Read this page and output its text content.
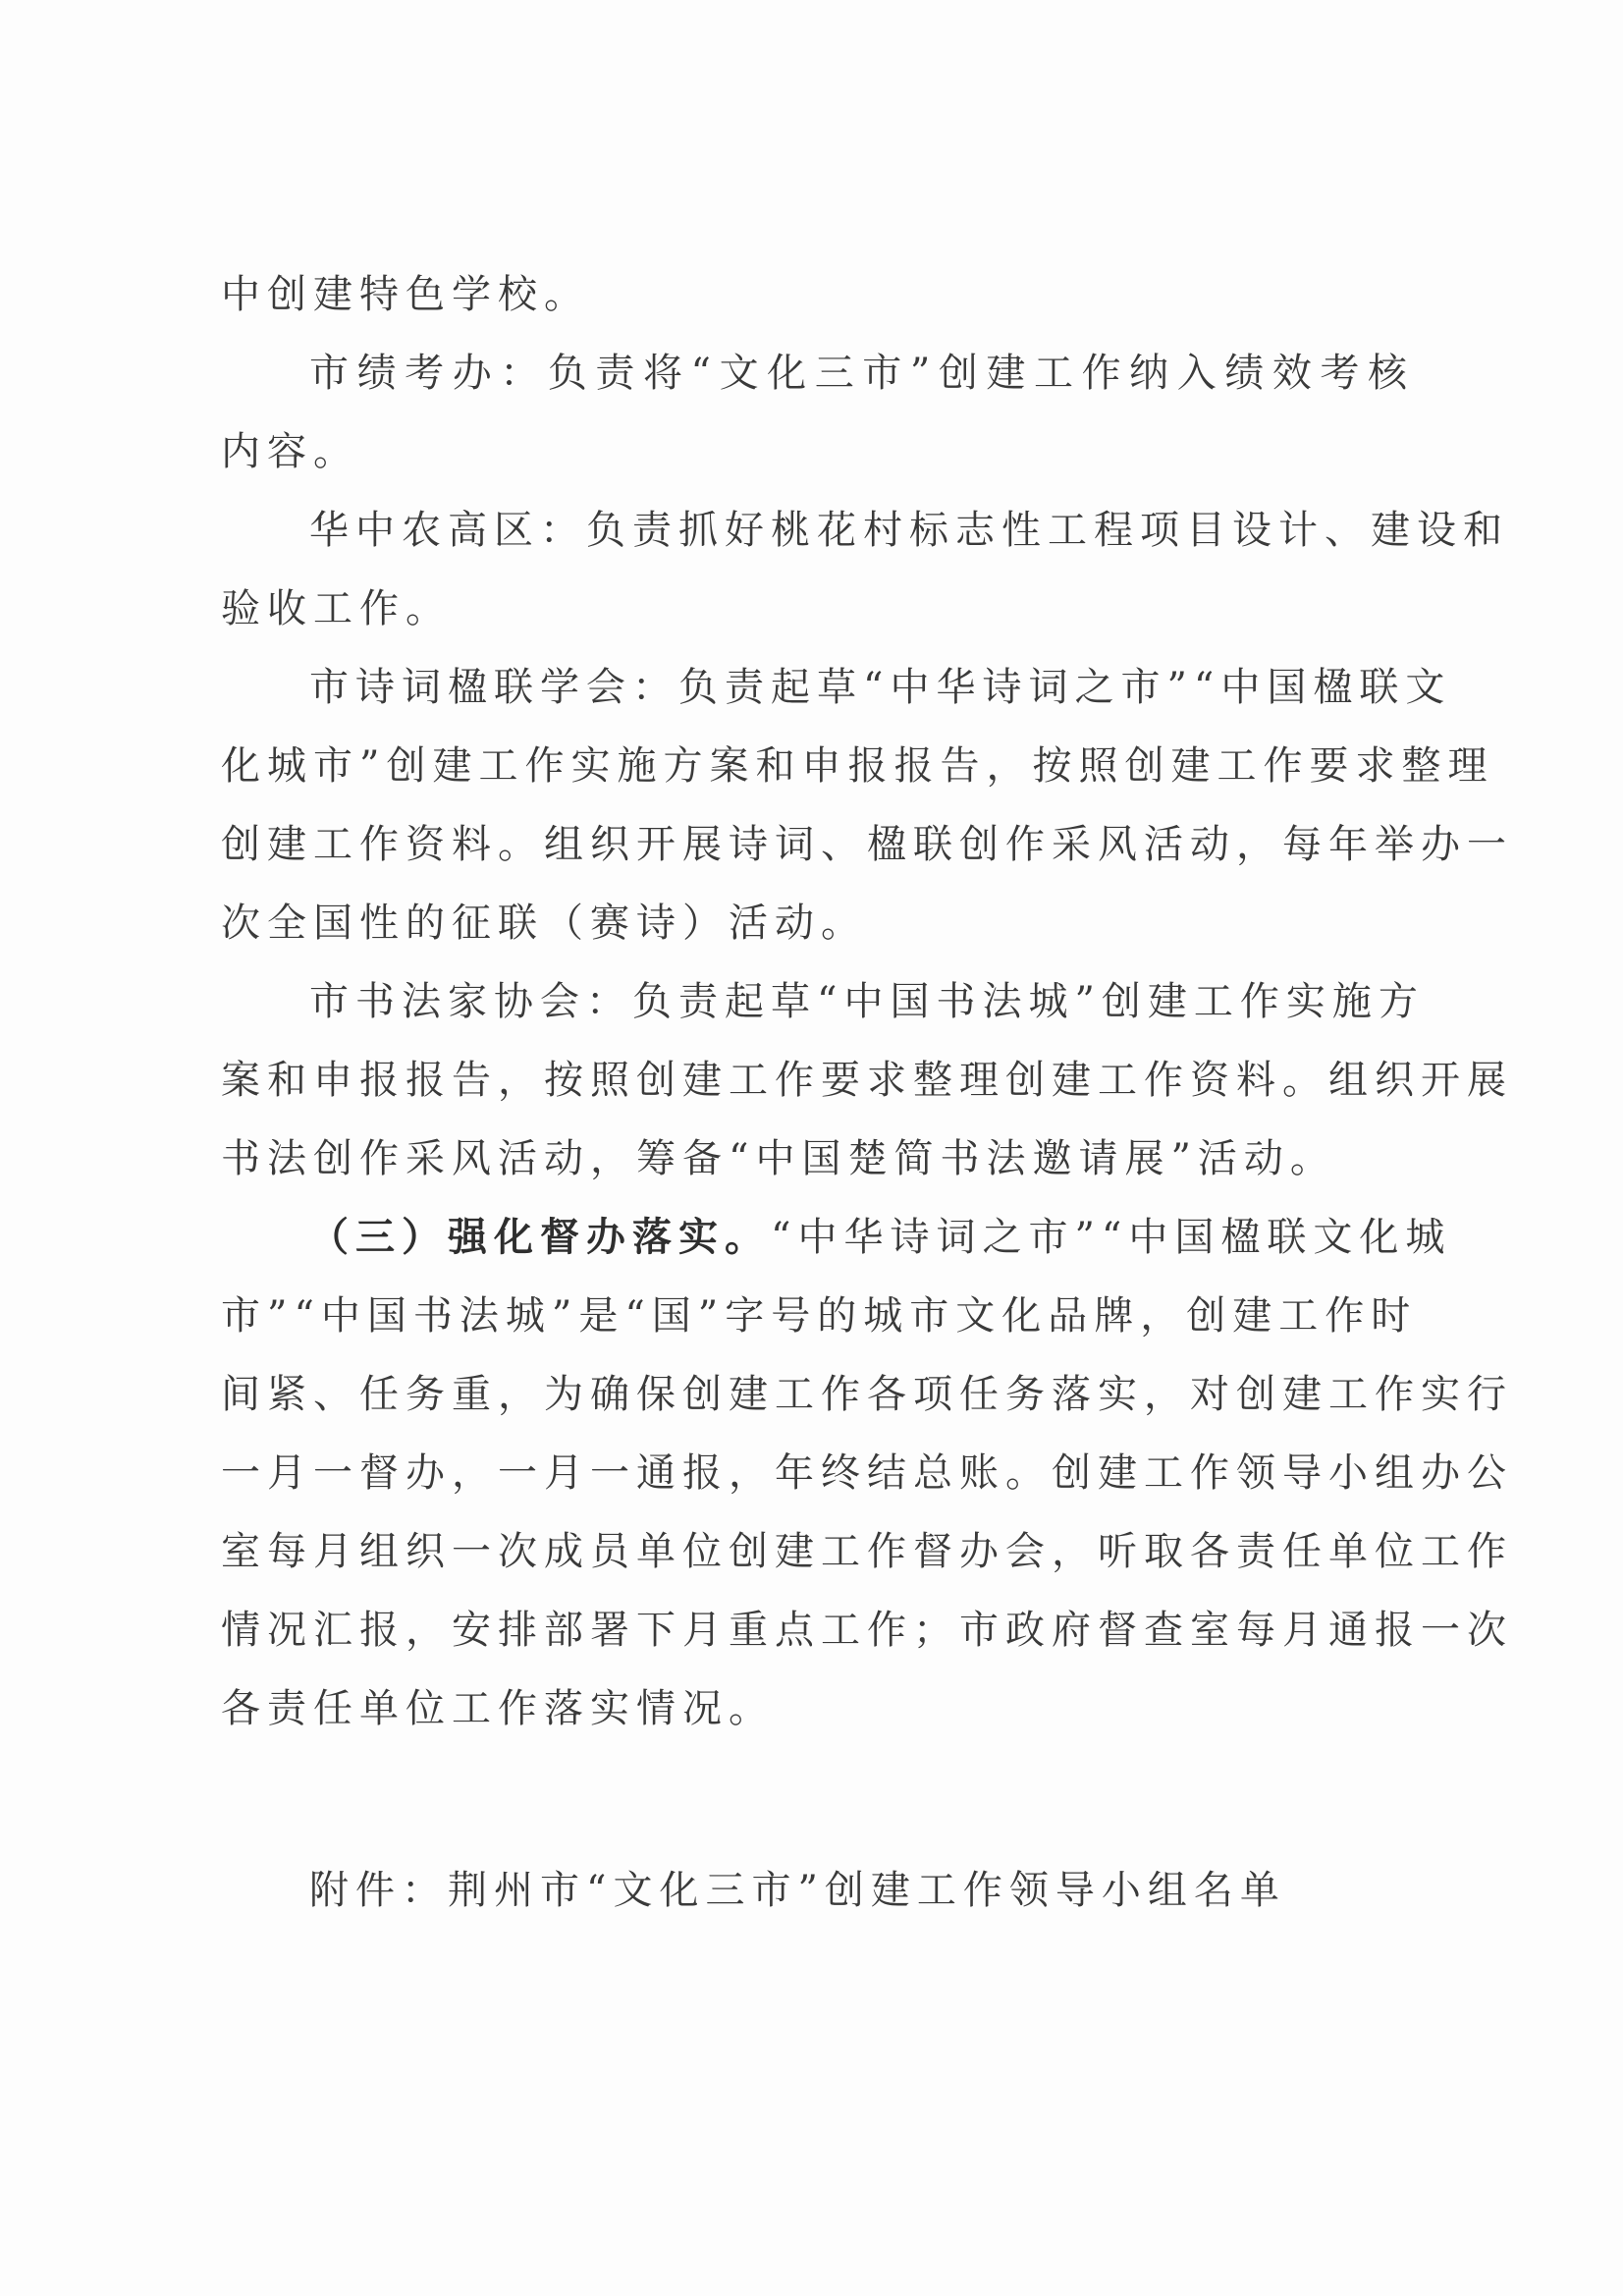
中创建特色学校。
市绩考办：负责将“文化三市”创建工作纳入绩效考核
内容。
华中农高区：负责抓好桃花村标志性工程项目设计、建设和
验收工作。
市诗词楹联学会：负责起草“中华诗词之市”“中国楹联文
化城市”创建工作实施方案和申报报告，按照创建工作要求整理
创建工作资料。组织开展诗词、楹联创作采风活动，每年举办一
次全国性的征联（赛诗）活动。
市书法家协会：负责起草“中国书法城”创建工作实施方
案和申报报告，按照创建工作要求整理创建工作资料。组织开展
书法创作采风活动，筹备“中国楚简书法邀请展”活动。
（三）强化督办落实。“中华诗词之市”“中国楹联文化城
市”“中国书法城”是“国”字号的城市文化品牌，创建工作时
间紧、任务重，为确保创建工作各项任务落实，对创建工作实行
一月一督办，一月一通报，年终结总账。创建工作领导小组办公
室每月组织一次成员单位创建工作督办会，听取各责任单位工作
情况汇报，安排部署下月重点工作；市政府督查室每月通报一次
各责任单位工作落实情况。
附件：荆州市“文化三市”创建工作领导小组名单
